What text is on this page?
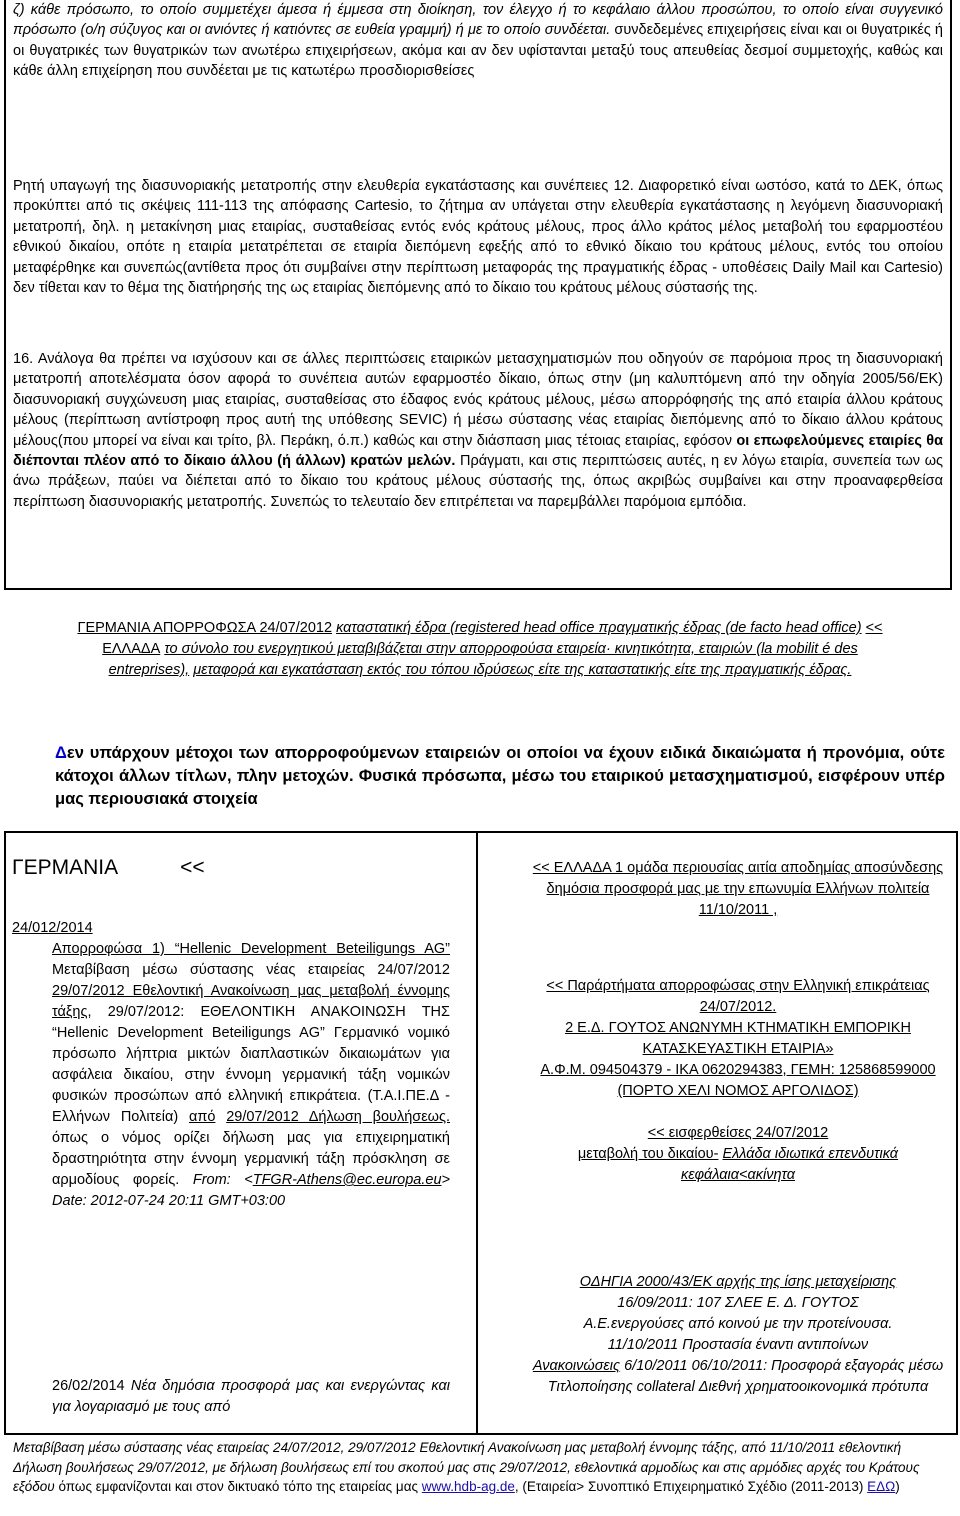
ζ) κάθε πρόσωπο, το οποίο συμμετέχει άμεσα ή έμμεσα στη διοίκηση, τον έλεγχο ή το κεφάλαιο άλλου προσώπου, το οποίο είναι συγγενικό πρόσωπο (ο/η σύζυγος και οι ανιόντες ή κατιόντες σε ευθεία γραμμή) ή με το οποίο συνδέεται. συνδεδεμένες επιχειρήσεις είναι και οι θυγατρικές ή οι θυγατρικές των θυγατρικών των ανωτέρω επιχειρήσεων, ακόμα και αν δεν υφίστανται μεταξύ τους απευθείας δεσμοί συμμετοχής, καθώς και κάθε άλλη επιχείρηση που συνδέεται με τις κατωτέρω προσδιορισθείσες

Ρητή υπαγωγή της διασυνοριακής μετατροπής στην ελευθερία εγκατάστασης και συνέπειες 12. Διαφορετικό είναι ωστόσο, κατά το ΔΕΚ, όπως προκύπτει από τις σκέψεις 111-113 της απόφασης Cartesio, το ζήτημα αν υπάγεται στην ελευθερία εγκατάστασης η λεγόμενη διασυνοριακή μετατροπή, δηλ. η μετακίνηση μιας εταιρίας, συσταθείσας εντός ενός κράτους μέλους, προς άλλο κράτος μέλος μεταβολή του εφαρμοστέου εθνικού δικαίου, οπότε η εταιρία μετατρέπεται σε εταιρία διεπόμενη εφεξής από το εθνικό δίκαιο του κράτους μέλους, εντός του οποίου μεταφέρθηκε και συνεπώς(αντίθετα προς ότι συμβαίνει στην περίπτωση μεταφοράς της πραγματικής έδρας - υποθέσεις Daily Mail και Cartesio) δεν τίθεται καν το θέμα της διατήρησής της ως εταιρίας διεπόμενης από το δίκαιο του κράτους μέλους σύστασής της.

16. Ανάλογα θα πρέπει να ισχύσουν και σε άλλες περιπτώσεις εταιρικών μετασχηματισμών που οδηγούν σε παρόμοια προς τη διασυνοριακή μετατροπή αποτελέσματα όσον αφορά το συνέπεια αυτών εφαρμοστέο δίκαιο, όπως στην (μη καλυπτόμενη από την οδηγία 2005/56/ΕΚ) διασυνοριακή συγχώνευση μιας εταιρίας, συσταθείσας στο έδαφος ενός κράτους μέλους, μέσω απορρόφησής της από εταιρία άλλου κράτους μέλους (περίπτωση αντίστροφη προς αυτή της υπόθεσης SEVIC) ή μέσω σύστασης νέας εταιρίας διεπόμενης από το δίκαιο άλλου κράτους μέλους(που μπορεί να είναι και τρίτο, βλ. Περάκη, ό.π.) καθώς και στην διάσπαση μιας τέτοιας εταιρίας, εφόσον οι επωφελούμενες εταιρίες θα διέπονται πλέον από το δίκαιο άλλου (ή άλλων) κρατών μελών. Πράγματι, και στις περιπτώσεις αυτές, η εν λόγω εταιρία, συνεπεία των ως άνω πράξεων, παύει να διέπεται από το δίκαιο του κράτους μέλους σύστασής της, όπως ακριβώς συμβαίνει και στην προαναφερθείσα περίπτωση διασυνοριακής μετατροπής. Συνεπώς το τελευταίο δεν επιτρέπεται να παρεμβάλλει παρόμοια εμπόδια.

ΓΕΡΜΑΝΙΑ ΑΠΟΡΡΟΦΩΣΑ 24/07/2012 καταστατική έδρα (registered head office πραγματικής έδρας (de facto head office) << ΕΛΛΑΔΑ το σύνολο του ενεργητικού μεταβιβάζεται στην απορροφούσα εταιρεία· κινητικότητα, εταιριών (la mobilit é des entreprises), μεταφορά και εγκατάσταση εκτός του τόπου ιδρύσεως είτε της καταστατικής είτε της πραγματικής έδρας.

Δεν υπάρχουν μέτοχοι των απορροφούμενων εταιρειών οι οποίοι να έχουν ειδικά δικαιώματα ή προνόμια, ούτε κάτοχοι άλλων τίτλων, πλην μετοχών. Φυσικά πρόσωπα, μέσω του εταιρικού μετασχηματισμού, εισφέρουν υπέρ μας περιουσιακά στοιχεία

ΓΕΡΜΑΝΙΑ	<<

24/012/2014

Απορροφώσα 1) “Hellenic Development Beteiligungs AG” Μεταβίβαση μέσω σύστασης νέας εταιρείας 24/07/2012 29/07/2012 Εθελοντική Ανακοίνωση μας μεταβολή έννομης τάξης, 29/07/2012: ΕΘΕΛΟΝΤΙΚΗ ΑΝΑΚΟΙΝΩΣΗ ΤΗΣ “Hellenic Development Beteiligungs AG” Γερμανικό νομικό πρόσωπο λήπτρια μικτών διαπλαστικών δικαιωμάτων για ασφάλεια δικαίου, στην έννομη γερμανική τάξη νομικών φυσικών προσώπων από ελληνική επικράτεια. (Τ.Α.Ι.ΠΕ.Δ - Ελλήνων Πολιτεία) από 29/07/2012 Δήλωση βουλήσεως. όπως ο νόμος ορίζει δήλωση μας για επιχειρηματική δραστηριότητα στην έννομη γερμανική τάξη πρόσκληση σε αρμοδίους φορείς. From: <TFGR-Athens@ec.europa.eu> Date: 2012-07-24 20:11 GMT+03:00

26/02/2014 Νέα δημόσια προσφορά μας και ενεργώντας και για λογαριασμό με τους από

<< ΕΛΛΑΔΑ 1 ομάδα περιουσίας αιτία αποδημίας αποσύνδεσης δημόσια προσφορά μας με την επωνυμία Ελλήνων πολιτεία 11/10/2011 ,

<< Παράρτήματα απορροφώσας στην Ελληνική επικράτειας 24/07/2012.

2 Ε.Δ. ΓΟΥΤΟΣ ΑΝΩΝΥΜΗ ΚΤΗΜΑΤΙΚΗ ΕΜΠΟΡΙΚΗ ΚΑΤΑΣΚΕΥΑΣΤΙΚΗ ΕΤΑΙΡΙΑ»

Α.Φ.Μ. 094504379 - ΙΚΑ 0620294383, ΓΕΜΗ: 125868599000 (ΠΟΡΤΟ ΧΕΛΙ ΝΟΜΟΣ ΑΡΓΟΛΙΔΟΣ)

<< εισφερθείσες 24/07/2012

μεταβολή του δικαίου- Ελλάδα ιδιωτικά επενδυτικά κεφάλαια<ακίνητα

ΟΔΗΓΙΑ 2000/43/ΕΚ αρχής της ίσης μεταχείρισης

16/09/2011: 107 ΣΛΕΕ Ε. Δ. ΓΟΥΤΟΣ

Α.Ε.ενεργούσες από κοινού με την προτείνουσα.

11/10/2011 Προστασία έναντι αντιποίνων

Ανακοινώσεις 6/10/2011 06/10/2011: Προσφορά εξαγοράς μέσω Τιτλοποίησης collateral Διεθνή χρηματοοικονομικά πρότυπα

Μεταβίβαση μέσω σύστασης νέας εταιρείας 24/07/2012, 29/07/2012 Εθελοντική Ανακοίνωση μας μεταβολή έννομης τάξης, από 11/10/2011 εθελοντική Δήλωση βουλήσεως 29/07/2012, με δήλωση βουλήσεως επί του σκοπού μας στις 29/07/2012, εθελοντικά αρμοδίως και στις αρμόδιες αρχές του Κράτους εξόδου όπως εμφανίζονται και στον δικτυακό τόπο της εταιρείας μας www.hdb-ag.de, (Εταιρεία> Συνοπτικό Επιχειρηματικό Σχέδιο (2011-2013) ΕΔΩ)
